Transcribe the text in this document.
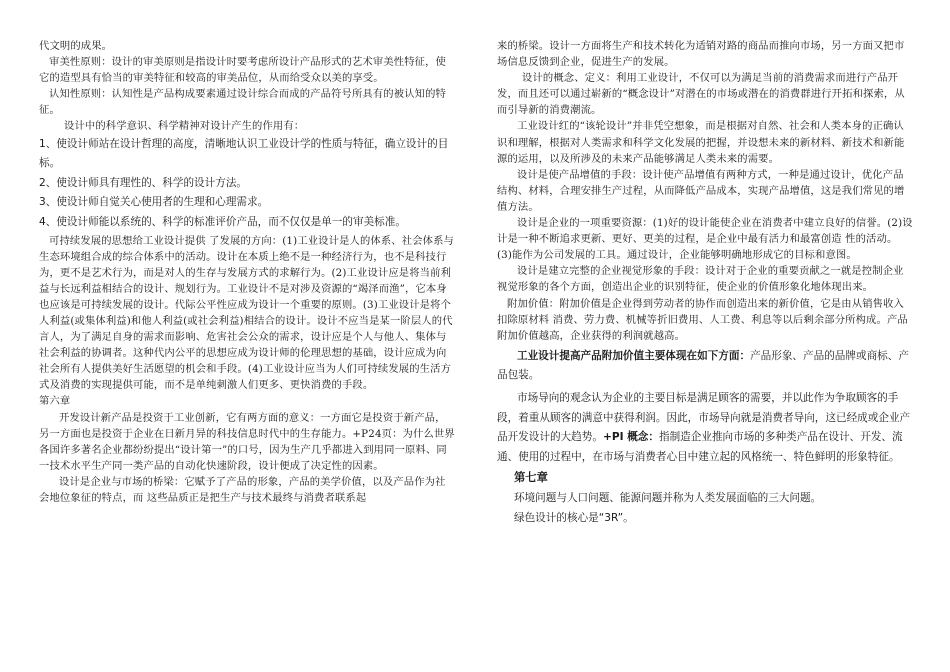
代文明的成果。

审美性原则：设计的审美原则是指设计时要考虑所设计产品形式的艺术审美性特征，使它的造型具有恰当的审美特征和较高的审美品位，从而给受众以美的享受。

认知性原则：认知性是产品构成要素通过设计综合而成的产品符号所具有的被认知的特征。

设计中的科学意识、科学精神对设计产生的作用有：

1、使设计师站在设计哲理的高度，清晰地认识工业设计学的性质与特征，确立设计的目标。

2、使设计师具有理性的、科学的设计方法。

3、使设计师自觉关心使用者的生理和心理需求。

4、使设计师能以系统的、科学的标准评价产品，而不仅仅是单一的审美标准。

可持续发展的思想给工业设计提供 了发展的方向：(1)工业设计是人的体系、社会体系与生态环境组合成的综合体系中的活动。设计在本质上绝不是一种经济行为，也不是科技行为，更不是艺术行为，而是对人的生存与发展方式的求解行为。(2)工业设计应是将当前利益与长远利益相结合的设计、规划行为。工业设计不是对涉及资源的“竭泽而渔”，它本身也应该是可持续发展的设计。代际公平性应成为设计一个重要的原则。(3)工业设计是将个人利益(或集体利益)和他人利益(或社会利益)相结合的设计。设计不应当是某一阶层人的代言人，为了满足自身的需求而影响、危害社会公众的需求，设计应是个人与他人、集体与社会利益的协调者。这种代内公平的思想应成为设计师的伦理思想的基础，设计应成为向社会所有人提供美好生活愿望的机会和手段。(4)工业设计应当为人们可持续发展的生活方式及消费的实现提供可能，而不是单纯刺激人们更多、更快消费的手段。

第六章

开发设计新产品是投资于工业创新，它有两方面的意义：一方面它是投资于新产品，另一方面也是投资于企业在日新月异的科技信息时代中的生存能力。+P24页：为什么世界各国许多著名企业都纷纷提出“设计第一”的口号，因为生产几乎都进入到用同一原料、同一技术水平生产同一类产品的自动化快速阶段，设计便成了决定性的因素。

设计是企业与市场的桥梁：它赋予了产品的形象，产品的美学价值，以及产品作为社会地位象征的特点，而 这些品质正是把生产与技术最终与消费者联系起

来的桥梁。设计一方面将生产和技术转化为适销对路的商品而推向市场，另一方面又把市场信息反馈到企业，促进生产的发展。

设计的概念、定义：利用工业设计，不仅可以为满足当前的消费需求而进行产品开发，而且还可以通过崭新的“概念设计”对潜在的市场或潜在的消费群进行开拓和探索，从而引导新的消费潮流。

工业设计红的“该轮设计”并非凭空想象，而是根据对自然、社会和人类本身的正确认识和理解，根据对人类需求和科学文化发展的把握，并设想未来的新材料、新技术和新能源的运用，以及所涉及的未来产品能够满足人类未来的需要。

设计是使产品增值的手段：设计使产品增值有两种方式，一种是通过设计，优化产品结构、材料，合理安排生产过程，从而降低产品成本，实现产品增值，这是我们常见的增值方法。

设计是企业的一项重要资源：(1)好的设计能使企业在消费者中建立良好的信誉。(2)设计是一种不断追求更新、更好、更美的过程，是企业中最有活力和最富创造 性的活动。 (3)能作为公司发展的工具。通过设计，企业能够明确地形成它的目标和意图。

设计是建立完整的企业视觉形象的手段：设计对于企业的重要贡献之一就是控制企业视觉形象的各个方面，创造出企业的识别特征，使企业的价值形象化地体现出来。

附加价值：附加价值是企业得到劳动者的协作而创造出来的新价值，它是由从销售收入扣除原材料 消费、劳力费、机械等折旧费用、人工费、利息等以后剩余部分所构成。产品附加价值越高，企业获得的利润就越高。

工业设计提高产品附加价值主要体现在如下方面：产品形象、产品的品牌或商标、产品包装。

市场导向的观念认为企业的主要目标是满足顾客的需要，并以此作为争取顾客的手段，着重从顾客的满意中获得利润。因此，市场导向就是消费者导向，这已经成或企业产品开发设计的大趋势。+PI 概念：指制造企业推向市场的多种类产品在设计、开发、流通、使用的过程中，在市场与消费者心目中建立起的风格统一、特色鲜明的形象特征。

第七章

环境问题与人口问题、能源问题并称为人类发展面临的三大问题。

绿色设计的核心是“3R”。
